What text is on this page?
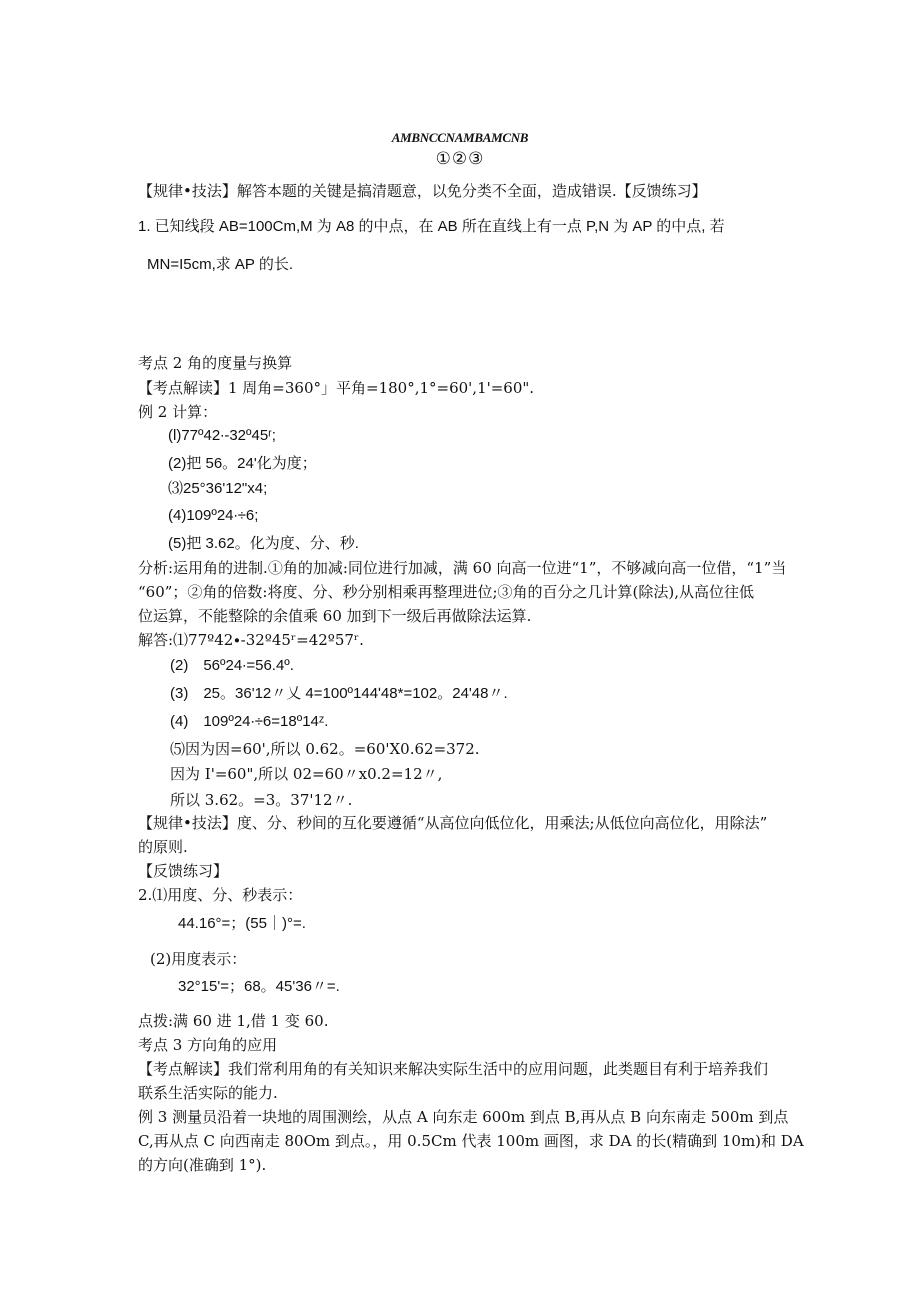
AMBNCCNAMBAMCNB
①②③
【规律•技法】解答本题的关键是搞清题意，以免分类不全面，造成错误.【反馈练习】
1. 已知线段 AB=100Cm,M 为 A8 的中点，在 AB 所在直线上有一点 P,N 为 AP 的中点, 若
MN=I5cm,求 AP 的长.
考点 2 角的度量与换算
【考点解读】1 周角=360°」平角=180°,1°=60',1'=60".
例 2 计算：
(l)77º42∙-32º45ʳ;
(2)把 56。24'化为度；
⑶25°36'12"x4;
(4)109º24∙÷6;
(5)把 3.62。化为度、分、秒.
分析:运用角的进制.①角的加减:同位进行加减，满 60 向高一位进“1”，不够减向高一位借，“1”当
“60”；②角的倍数:将度、分、秒分别相乘再整理进位;③角的百分之几计算(除法),从高位往低
位运算，不能整除的余值乘 60 加到下一级后再做除法运算.
解答:⑴77º42∙-32º45ʳ=42º57ʳ.
(2)　56º24∙=56.4º.
(3)　25。36'12〃乂 4=100º144ʹ48*=102。24'48〃.
(4)　109º24∙÷6=18º14ᶻ.
⑸因为因=60',所以 0.62。=60'X0.62=372.
因为 I'=60",所以 02=60〃x0.2=12〃,
所以 3.62。=3。37'12〃.
【规律•技法】度、分、秒间的互化要遵循“从高位向低位化，用乘法;从低位向高位化，用除法”
的原则.
【反馈练习】
2.⑴用度、分、秒表示：
44.16°=；(55｜)°=.
(2)用度表示：
32°15'=；68。45'36〃=.
点拨:满 60 进 1,借 1 变 60.
考点 3 方向角的应用
【考点解读】我们常利用角的有关知识来解决实际生活中的应用问题，此类题目有利于培养我们
联系生活实际的能力.
例 3 测量员沿着一块地的周围测绘，从点 A 向东走 600m 到点 B,再从点 B 向东南走 500m 到点
C,再从点 C 向西南走 80Om 到点。，用 0.5Cm 代表 100m 画图，求 DA 的长(精确到 10m)和 DA
的方向(准确到 1°).
